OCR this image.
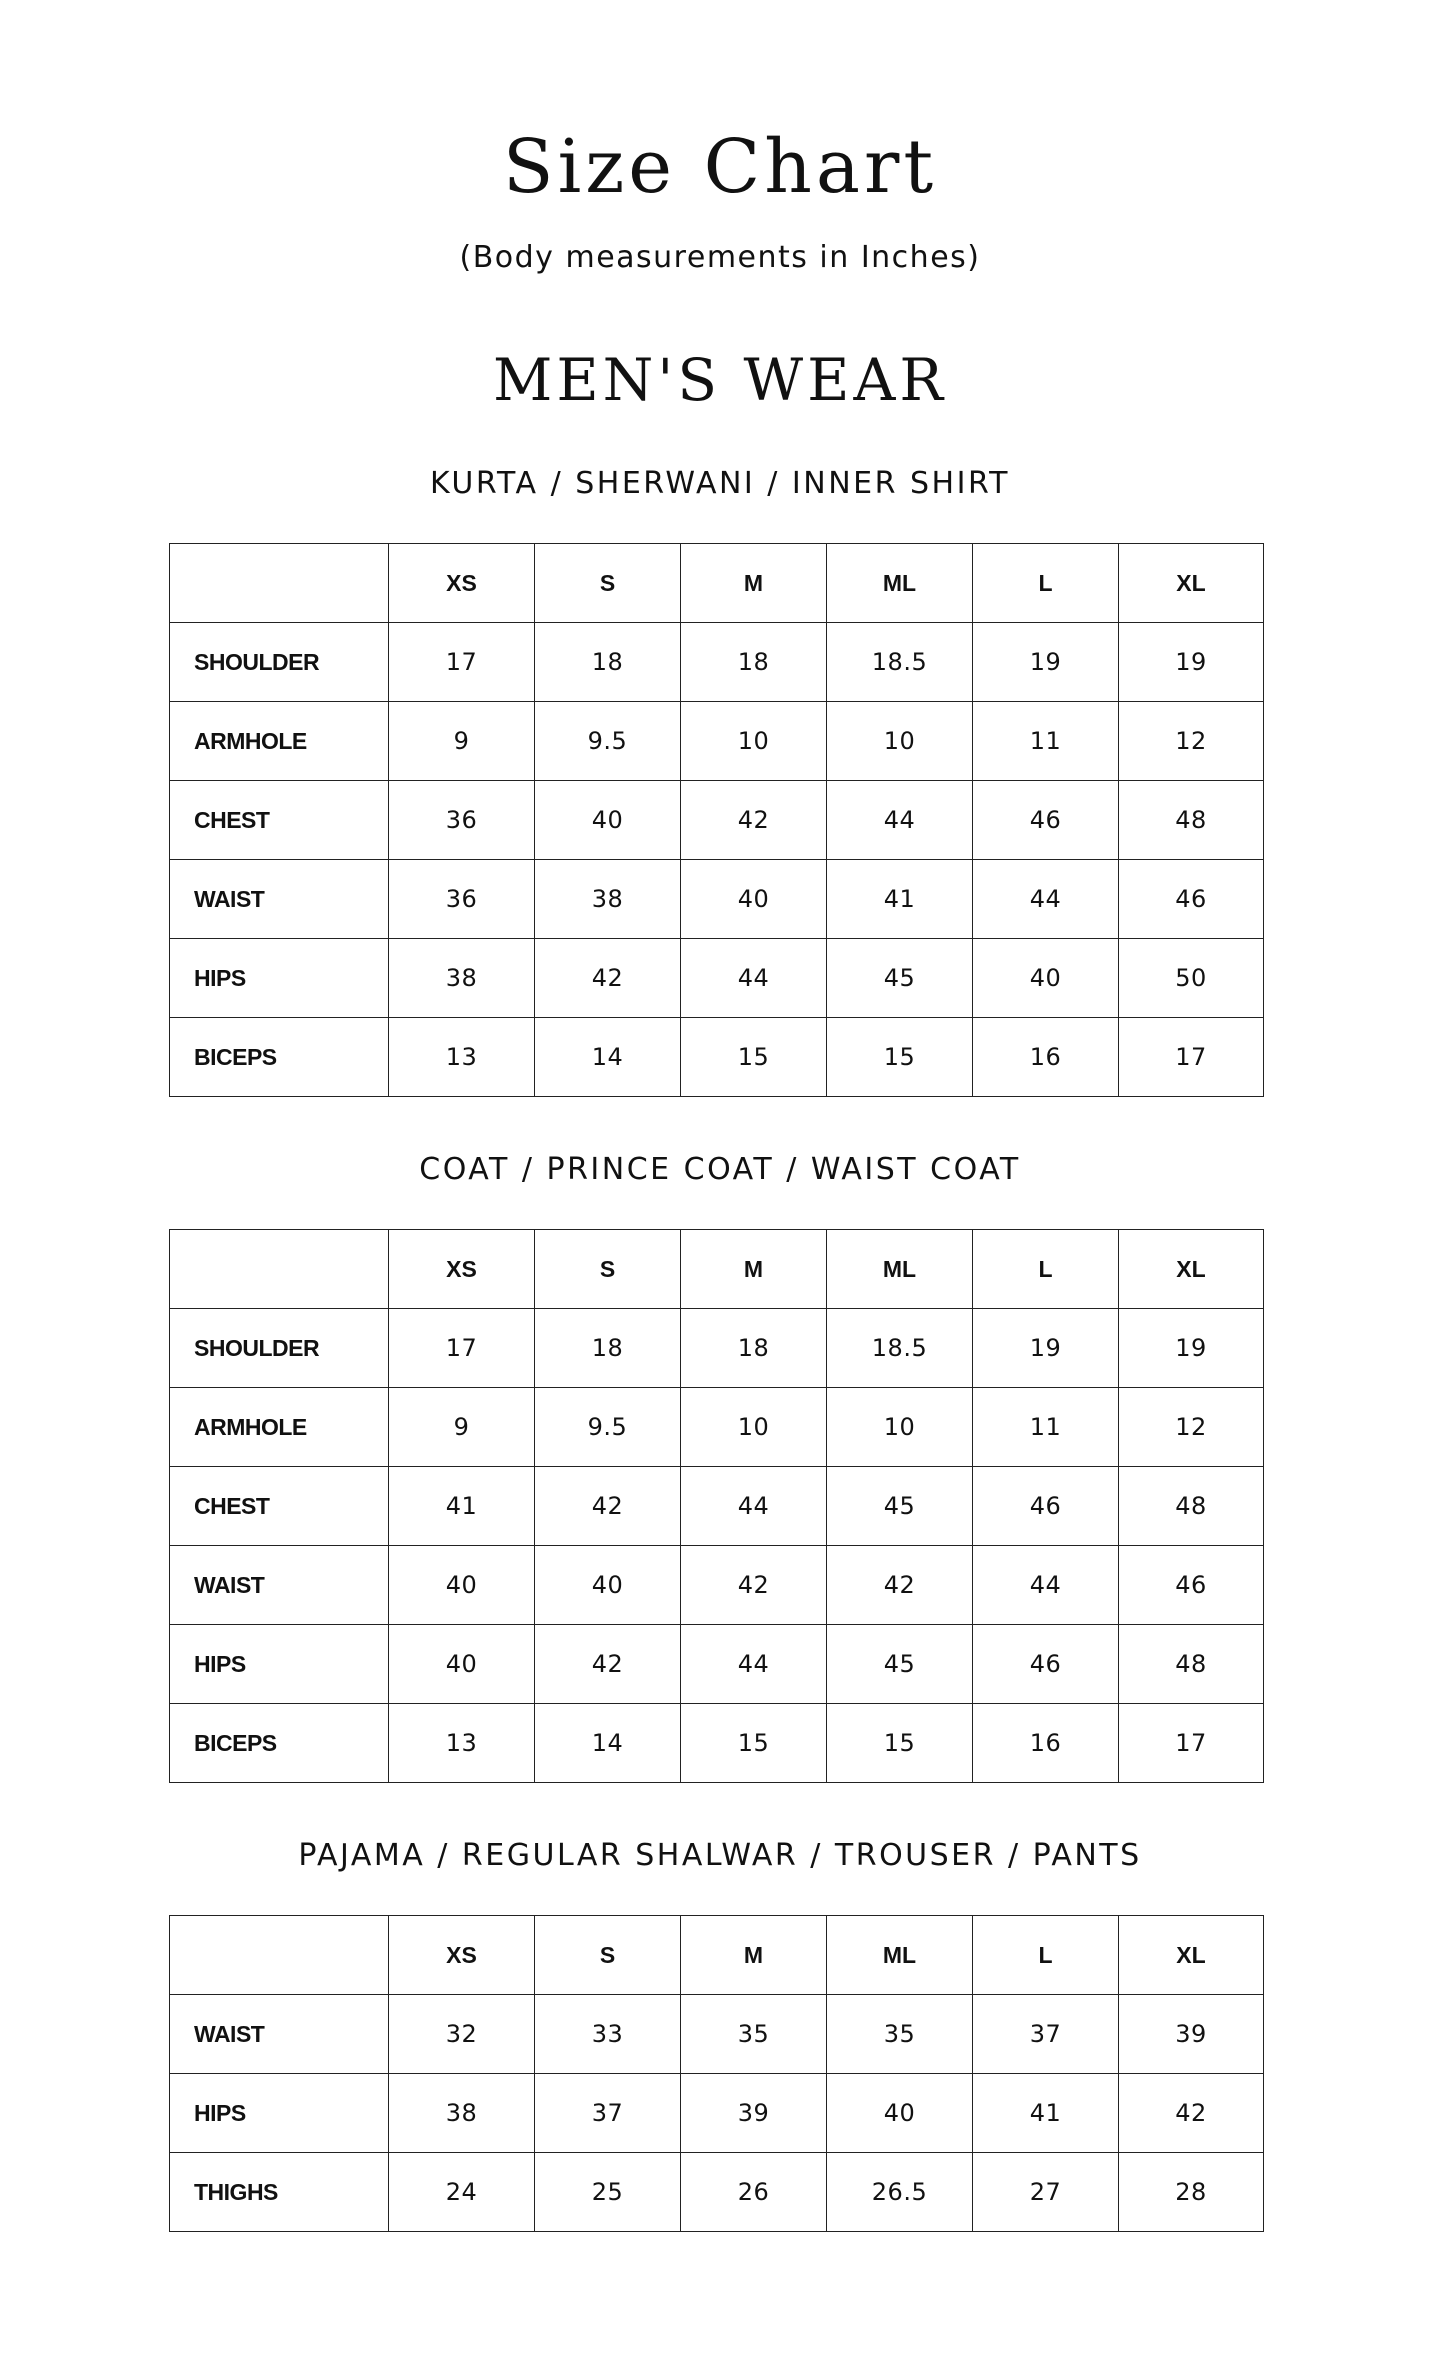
Size Chart
(Body measurements in Inches)
MEN'S WEAR
KURTA / SHERWANI / INNER SHIRT
	XS	S	M	ML	L	XL
SHOULDER	17	18	18	18.5	19	19
ARMHOLE	9	9.5	10	10	11	12
CHEST	36	40	42	44	46	48
WAIST	36	38	40	41	44	46
HIPS	38	42	44	45	40	50
BICEPS	13	14	15	15	16	17
COAT / PRINCE COAT / WAIST COAT
	XS	S	M	ML	L	XL
SHOULDER	17	18	18	18.5	19	19
ARMHOLE	9	9.5	10	10	11	12
CHEST	41	42	44	45	46	48
WAIST	40	40	42	42	44	46
HIPS	40	42	44	45	46	48
BICEPS	13	14	15	15	16	17
PAJAMA / REGULAR SHALWAR / TROUSER / PANTS
	XS	S	M	ML	L	XL
WAIST	32	33	35	35	37	39
HIPS	38	37	39	40	41	42
THIGHS	24	25	26	26.5	27	28
